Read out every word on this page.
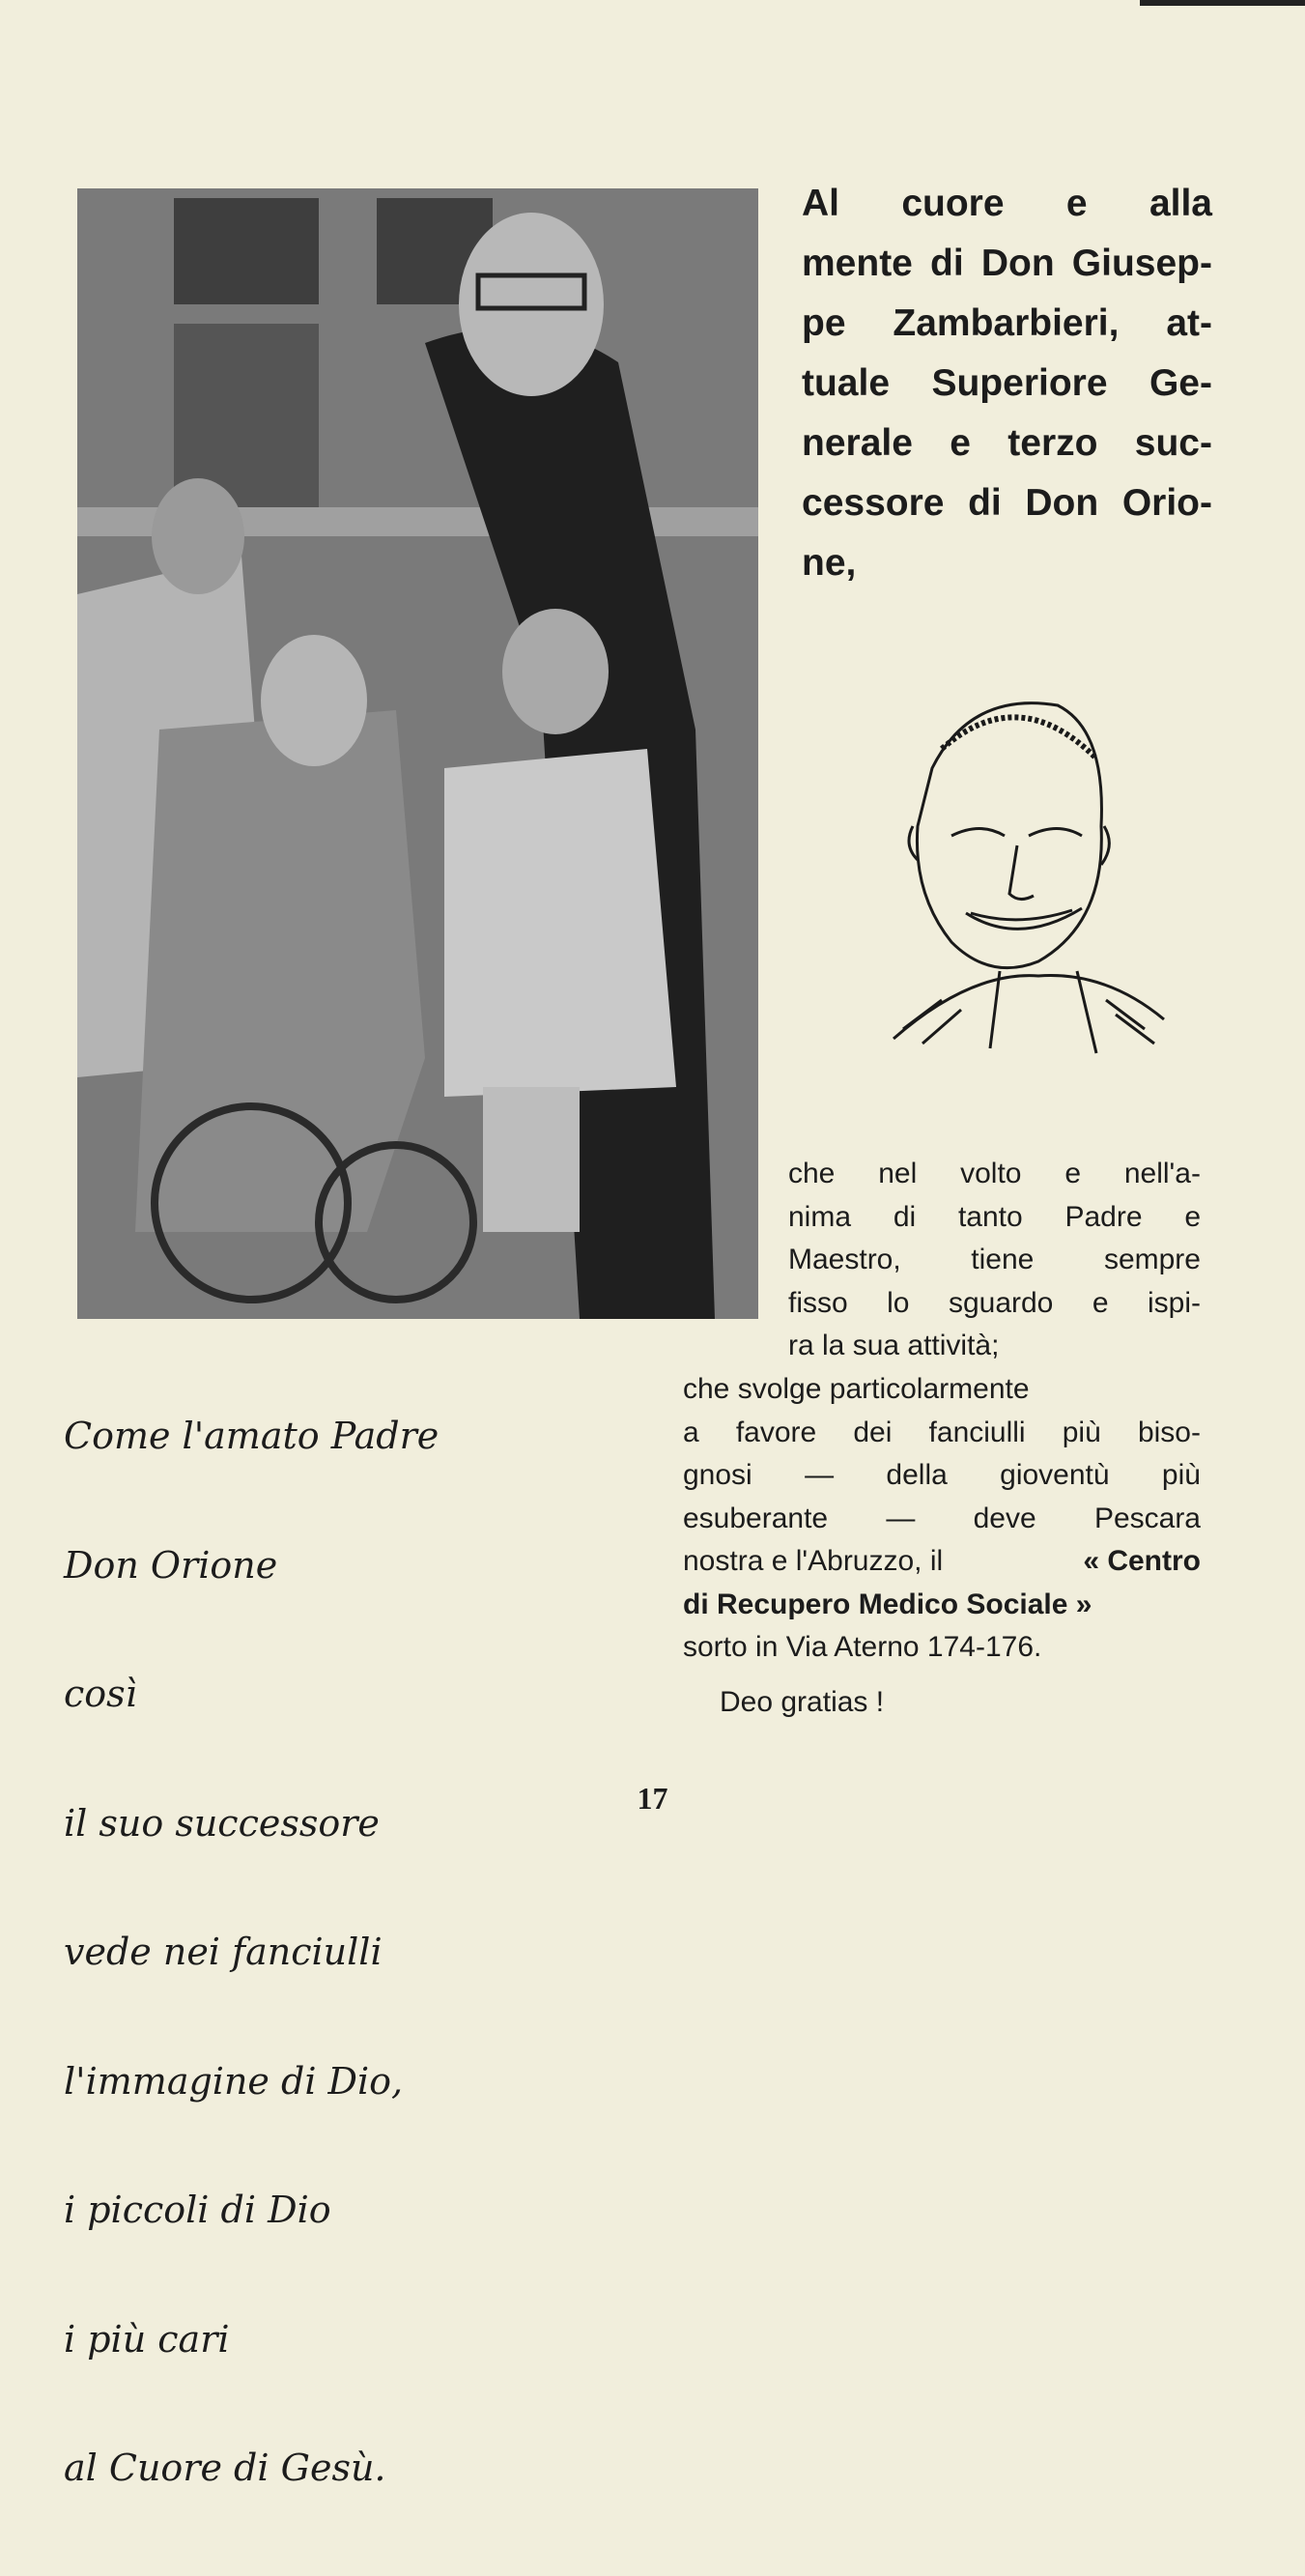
Al cuore e alla
mente di Don Giusep-
pe Zambarbieri, at-
tuale Superiore Ge-
nerale e terzo suc-
cessore di Don Orio-
ne,
che nel volto e nell'a-
nima di tanto Padre e
Maestro, tiene sempre
fisso lo sguardo e ispi-
ra la sua attività;
che svolge particolarmente
a favore dei fanciulli più biso-
gnosi — della gioventù più
esuberante — deve Pescara
nostra e l'Abruzzo, il	« Centro
di Recupero Medico Sociale »
sorto in Via Aterno 174-176.
Deo gratias !

Come l'amato Padre

Don Orione

così

il suo successore

vede nei fanciulli

l'immagine di Dio,

i piccoli di Dio

i più cari

al Cuore di Gesù.

17
